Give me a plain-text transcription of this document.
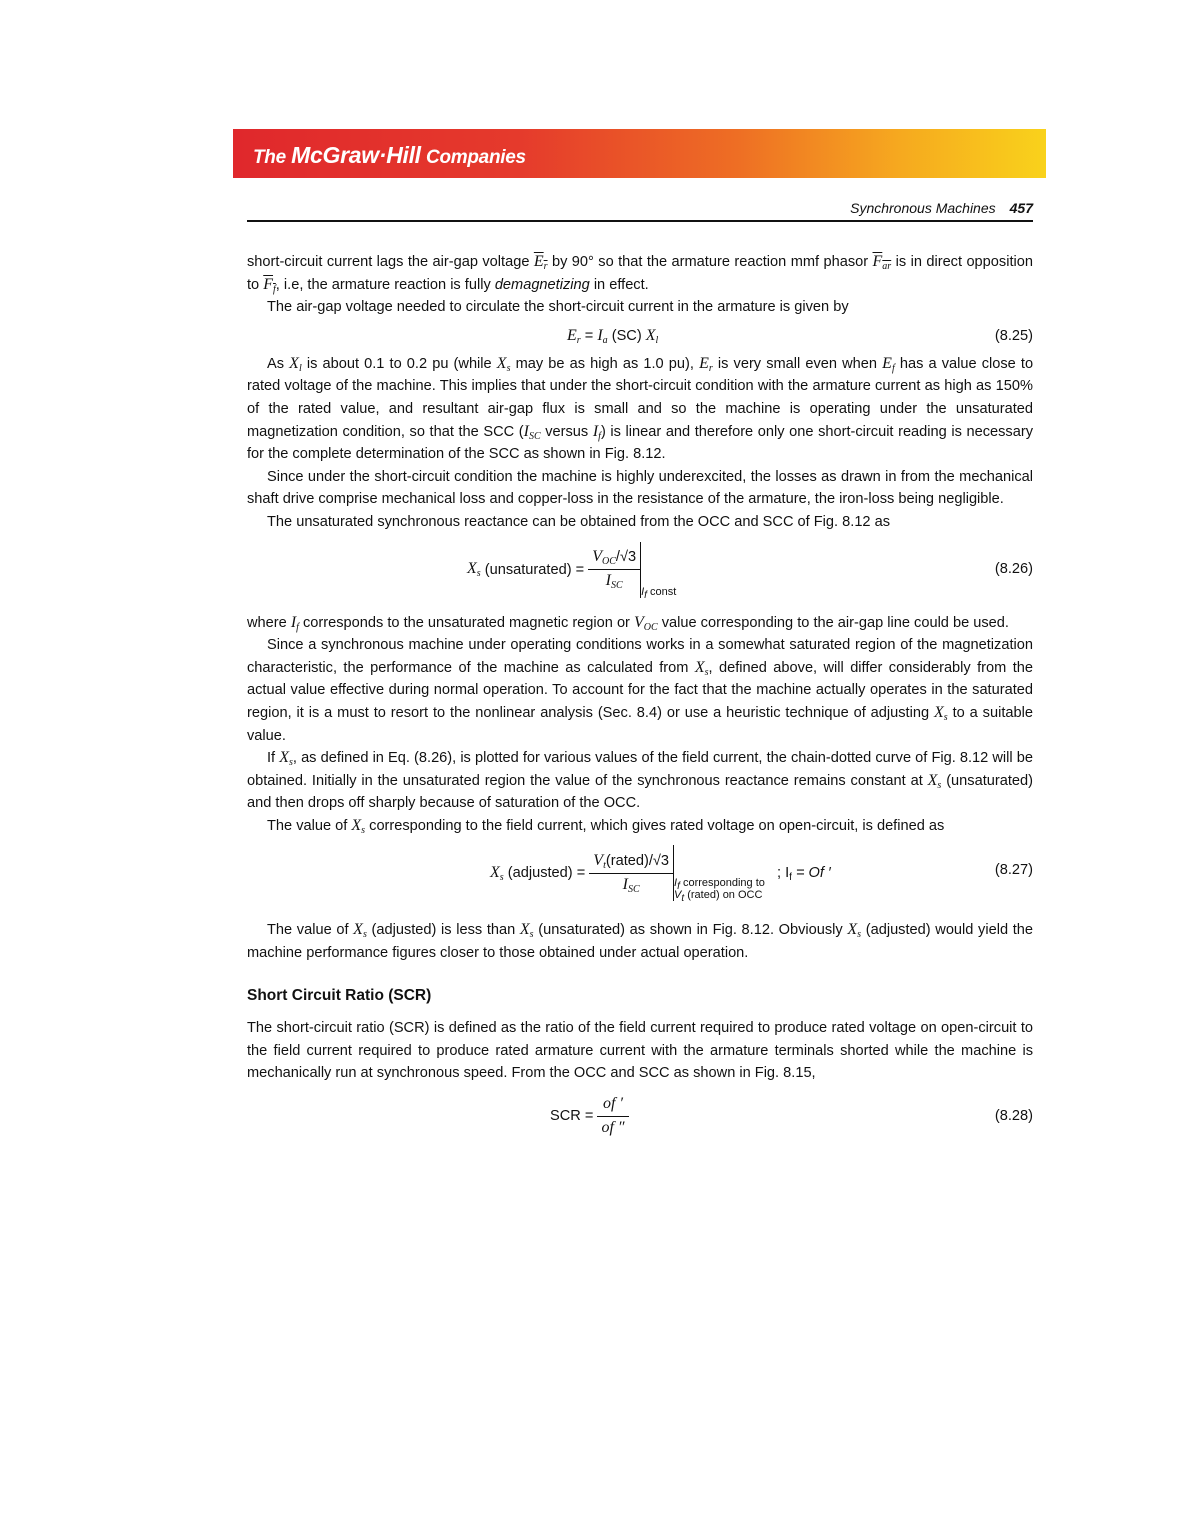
The McGraw·Hill Companies
Synchronous Machines 457

short-circuit current lags the air-gap voltage $E_r$ by 90° so that the armature reaction mmf phasor $F_{ar}$ is in direct opposition to $F_f$, i.e, the armature reaction is fully demagnetizing in effect.

The air-gap voltage needed to circulate the short-circuit current in the armature is given by

$E_r = I_a$ (SC) $X_l$	(8.25)

As $X_l$ is about 0.1 to 0.2 pu (while $X_s$ may be as high as 1.0 pu), $E_r$ is very small even when $E_f$ has a value close to rated voltage of the machine. This implies that under the short-circuit condition with the armature current as high as 150% of the rated value, and resultant air-gap flux is small and so the machine is operating under the unsaturated magnetization condition, so that the SCC ($I_{SC}$ versus $I_f$) is linear and therefore only one short-circuit reading is necessary for the complete determination of the SCC as shown in Fig. 8.12.

Since under the short-circuit condition the machine is highly underexcited, the losses as drawn in from the mechanical shaft drive comprise mechanical loss and copper-loss in the resistance of the armature, the iron-loss being negligible.

The unsaturated synchronous reactance can be obtained from the OCC and SCC of Fig. 8.12 as

$X_s$ (unsaturated) = $\frac{V_{OC}/√3}{I_{SC}} I_f$ const
(8.26)

where $I_f$ corresponds to the unsaturated magnetic region or $V_{OC}$ value corresponding to the air-gap line could be used.

Since a synchronous machine under operating conditions works in a somewhat saturated region of the magnetization characteristic, the performance of the machine as calculated from $X_s$, defined above, will differ considerably from the actual value effective during normal operation. To account for the fact that the machine actually operates in the saturated region, it is a must to resort to the nonlinear analysis (Sec. 8.4) or use a heuristic technique of adjusting $X_s$ to a suitable value.

If $X_s$, as defined in Eq. (8.26), is plotted for various values of the field current, the chain-dotted curve of Fig. 8.12 will be obtained. Initially in the unsaturated region the value of the synchronous reactance remains constant at $X_s$ (unsaturated) and then drops off sharply because of saturation of the OCC.

The value of $X_s$ corresponding to the field current, which gives rated voltage on open-circuit, is defined as

$X_s$ (adjusted) = $\frac{V_t(rated)/√3}{I_{SC}} I_f$ corresponding to
$V_t$ (rated) on OCC ; $I_f = Of$ ′	(8.27)

The value of $X_s$ (adjusted) is less than $X_s$ (unsaturated) as shown in Fig. 8.12. Obviously $X_s$ (adjusted) would yield the machine performance figures closer to those obtained under actual operation.

Short Circuit Ratio (SCR)

The short-circuit ratio (SCR) is defined as the ratio of the field current required to produce rated voltage on open-circuit to the field current required to produce rated armature current with the armature terminals shorted while the machine is mechanically run at synchronous speed. From the OCC and SCC as shown in Fig. 8.15,

SCR = $\frac{of '}{of ''}$	(8.28)
